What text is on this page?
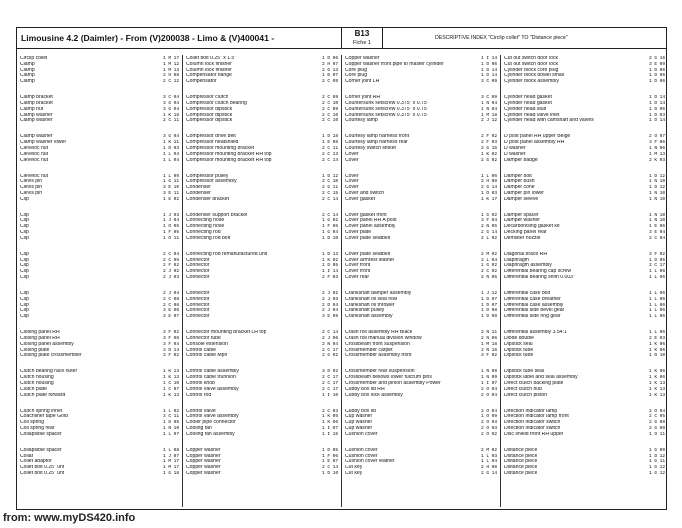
Limousine 4.2 (Daimler) - From (V)200038 - Limo & (V)400041 -	B13
Fiche 1
DESCRIPTIVE INDEX "Circlip collet" TO "Distance piece"
Circlip collet	1 M 17
Clamp	1 M 12
Clamp	1 M 13
Clamp	2 H 08
Clamp	2 C 12
Clamp bracket	3 C 04
Clamp bracket	3 G 04
Clamp nut	3 G 04
Clamp washer	1 K 18
Clamp washer	2 C 11
Clamp washer	3 G 04
Clamp washer lower	1 K 11
Clevelоc nut	1 D 03
Clevelоc nut	1 L 04
Clevelоc nut	1 L 04
Clevelоc nut	1 L 09
Clevis pin	1 G 11
Clevis pin	3 E 10
Clevis pin	3 E 11
Clip	1 E 02
Clip	1 J 03
Clip	1 J 04
Clip	1 O 05
Clip	1 F 05
Clip	1 O 11
Clip	2 C 04
Clip	2 C 05
Clip	2 F 02
Clip	2 J 02
Clip	2 J 03
Clip	2 J 04
Clip	2 C 08
Clip	2 C 08
Clip	3 E 06
Clip	3 E 07
Closing panel RH	3 F 02
Closing panel RH	3 F 06
Closing panel assembly	3 F 04
Closing plate	3 D 14
Closing plate crossmember	3 F 02
Clutch bearing race outer	1 K 13
Clutch housing	1 K 13
Clutch housing	1 C 10
Clutch plate	1 C 07
Clutch plate forward	1 K 13
Clutch spring inner	1 L 02
Coachliner tape Gold	3 C 11
Coil spring	1 D 05
Coil spring rear	1 N 10
Collapsible spacer	1 L 07
Collapsible spacer	1 L 08
Collar	1 J 07
Collet adaptor	1 M 17
Collet bolt 0.25" unf	1 M 17
Collet bolt 0.25" unf	1 G 18
Collet bolt 0.25" x 1.5"	1 D 06
Column lock finisher	2 H 07
Column lock finisher	2 G 13
Compensator flange	1 D 07
Compensator	2 C 09
Compressor clutch	2 C 09
Compressor clutch bearing	2 C 10
Compressor dipstick	2 C 09
Compressor dipstick	2 C 10
Compressor dipstick	2 C 10
Compressor drive belt	1 D 18
Compressor heatshield	1 E 08
Compressor mounting bracket	2 C 11
Compressor mounting bracket RH top	2 C 13
Compressor mounting bracket RH top	2 C 14
Compressor pulley	1 D 12
Compressor assembly	2 C 10
Condenser	2 G 11
Condenser	2 C 15
Condenser bracket	2 C 14
Condenser support bracket	2 C 14
Connecting hose	1 G 02
Connecting hose	1 F 05
Connecting rod	1 G 04
Connecting rod bolt	1 D 10
Connecting rod remanufactured unit	1 D 13
Connector	1 K 02
Connector	1 D 05
Connector	1 I 14
Connector	2 F 03
Connector	2 J 02
Connector	2 J 03
Connector	2 D 04
Connector	2 J 04
Connector	3 E 09
Connector mounting bracket LH top	2 C 14
Connector tube	2 J 06
Console extension	2 N 04
Control cable	2 C 17
Control cable Mph	2 G 02
Control cable assembly	3 D 02
Control cable trunnion	2 C 17
Control knob	2 C 17
Control valve assembly	2 C 17
Control rod	1 I 10
Control valve	2 C 03
Control valve assembly	1 K 05
Cooler pipe connector	1 K 06
Cooling fan	1 I 07
Cooling fan assembly	1 I 15
Copper washer	1 D 05
Copper washer	1 F 06
Copper washer	1 E 07
Copper washer	2 C 14
Copper washer	1 D 10
Copper washer	1 I 14
Copper washer front pipe to master cylinder	1 D 06
Core plug	1 D 14
Core plug	1 D 14
Corner joint LH	3 C 09
Corner joint RH	3 C 09
Countersunk setscrew 0.375" x 0.75"	1 N 04
Countersunk setscrew 0.375" x 0.75"	1 N 04
Countersunk setscrew 0.375" x 0.75"	1 M 18
Courtesy lamp	2 J 12
Courtesy lamp harness front	2 F 02
Courtesy lamp harness rear	2 F 03
Courtesy switch striker	2 G 15
Cover	1 K 02
Cover	2 G 02
Cover	1 L 06
Cover	2 H 08
Cover	2 G 14
Cover and switch	1 O 03
Cover gasket	1 K 17
Cover gasket front	1 G 02
Cover panel RH A post	3 F 04
Cover panel assembly	2 N 05
Cover plate	2 G 14
Cover plate seatbelt	2 L 02
Cover plate seatbelt	2 M 02
Cover armrest leather	2 L 04
Cover front	1 G 02
Cover front	2 C 02
Cover rear	2 N 05
Crankshaft damper assembly	1 J 12
Crankshaft oil seal rear	1 D 07
Crankshaft oil thrower	1 D 07
Crankshaft pulley	1 D 08
Crankshaft assembly	1 D 09
Crash roll assembly RH Black	2 N 11
Crash roll manual division window	2 N 06
Crossbeam front suspension	1 M 18
Crossmember carpet	2 N 16
Crossmember assembly front	3 F 02
Crossmember rear suspension	1 N 09
Crossbeam bellows lower fulcrum pins	1 N 09
Crossmember and pinion assembly Power	1 I 07
Cubby box lid RH	2 O 04
Cubby box lock assembly	2 O 04
Cubby box lid	2 O 04
Cup washer	1 O 09
Cup washer	2 O 03
Cup washer	2 O 03
Cushion cover	2 O 02
Cushion cover	2 M 02
Cushion cover	1 L 03
Cushion cover leather	1 L 04
Cut key	2 H 08
Cut key	2 G 14
Cut out switch door lock	2 G 16
Cut out switch door lock	3 E 09
Cylinder block core plug	1 D 06
Cylinder block dowel small	1 D 06
Cylinder block assembly	1 D 06
Cylinder head gasket	1 D 14
Cylinder head gasket	1 D 14
Cylinder head stud	1 D 06
Cylinder head valve inlet	1 D 03
Cylinder head with camshaft and valves	1 D 14
D post panel RH upper Beige	2 O 07
D post panel assembly RH	3 F 06
D washer	1 N 06
D washer	1 M 13
Damper badge	2 K 03
Damper bolt	1 D 12
Damper bush	1 N 10
Damper cone	1 D 12
Damper pin lower	1 N 10
Damper sleeve	1 N 10
Damper spacer	1 N 10
Damper washer	1 N 10
Decarbonising gasket kit	1 E 06
Decking panel rear	3 E 04
Demister nozzle	2 C 04
Diagonal brace RH	3 F 02
Diaphragm	1 D 05
Diaphragm assembly	2 C 17
Differential bearing cap screw	1 L 06
Differential bearing shim 0.003"	1 L 06
Differential case bolt	1 L 06
Differential case breather	1 L 06
Differential case assembly	1 L 06
Differential side bevel gear	1 L 06
Differential side ring gear	1 L 06
Differential assembly 3.54:1	1 L 06
Diode double	2 E 03
Dipstick seal	1 K 06
Dipstick tube	1 K 06
Dipstick tube	1 D 10
Dipstick tube seal	1 K 06
Dipstick label and seal assembly	1 K 06
Direct clutch backing plate	1 K 13
Direct clutch hub	1 K 13
Direct clutch piston	1 K 13
Direction indicator lamp	2 O 04
Direction indicator lamp front	2 C 05
Direction indicator switch	2 G 08
Direction indicator switch	2 G 09
Disc shield front RH upper	1 O 11
Distance piece	1 G 09
Distance piece	1 D 12
Distance piece	1 G 11
Distance piece	1 G 12
Distance piece	1 G 12
from: www.myDS420.info
